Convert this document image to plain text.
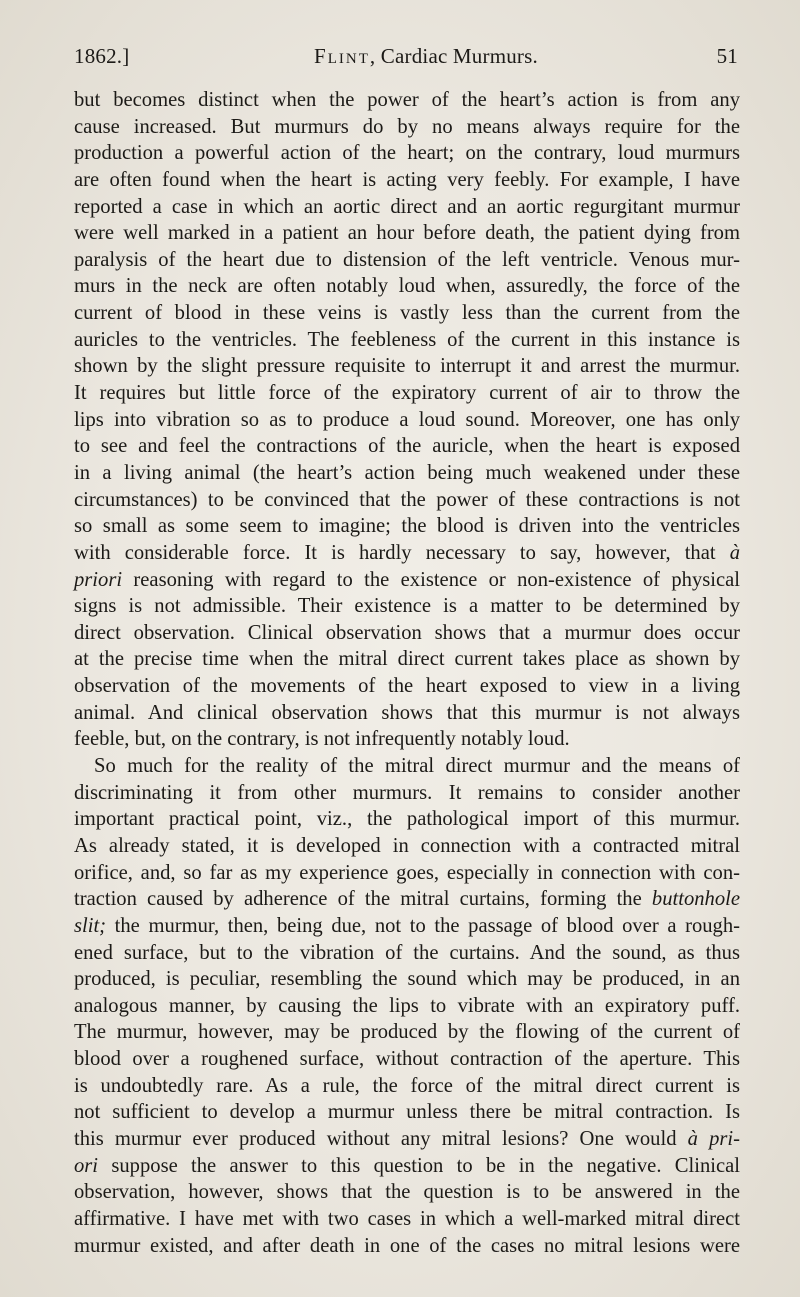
1862.]	Flint, Cardiac Murmurs.	51
but becomes distinct when the power of the heart’s action is from any
cause increased. But murmurs do by no means always require for the
production a powerful action of the heart; on the contrary, loud murmurs
are often found when the heart is acting very feebly. For example, I have
reported a case in which an aortic direct and an aortic regurgitant murmur
were well marked in a patient an hour before death, the patient dying from
paralysis of the heart due to distension of the left ventricle. Venous mur-
murs in the neck are often notably loud when, assuredly, the force of the
current of blood in these veins is vastly less than the current from the
auricles to the ventricles. The feebleness of the current in this instance is
shown by the slight pressure requisite to interrupt it and arrest the murmur.
It requires but little force of the expiratory current of air to throw the
lips into vibration so as to produce a loud sound. Moreover, one has only
to see and feel the contractions of the auricle, when the heart is exposed
in a living animal (the heart’s action being much weakened under these
circumstances) to be convinced that the power of these contractions is not
so small as some seem to imagine; the blood is driven into the ventricles
with considerable force. It is hardly necessary to say, however, that à
priori reasoning with regard to the existence or non-existence of physical
signs is not admissible. Their existence is a matter to be determined by
direct observation. Clinical observation shows that a murmur does occur
at the precise time when the mitral direct current takes place as shown by
observation of the movements of the heart exposed to view in a living
animal. And clinical observation shows that this murmur is not always
feeble, but, on the contrary, is not infrequently notably loud.
So much for the reality of the mitral direct murmur and the means of
discriminating it from other murmurs. It remains to consider another
important practical point, viz., the pathological import of this murmur.
As already stated, it is developed in connection with a contracted mitral
orifice, and, so far as my experience goes, especially in connection with con-
traction caused by adherence of the mitral curtains, forming the buttonhole
slit; the murmur, then, being due, not to the passage of blood over a rough-
ened surface, but to the vibration of the curtains. And the sound, as thus
produced, is peculiar, resembling the sound which may be produced, in an
analogous manner, by causing the lips to vibrate with an expiratory puff.
The murmur, however, may be produced by the flowing of the current of
blood over a roughened surface, without contraction of the aperture. This
is undoubtedly rare. As a rule, the force of the mitral direct current is
not sufficient to develop a murmur unless there be mitral contraction. Is
this murmur ever produced without any mitral lesions? One would à pri-
ori suppose the answer to this question to be in the negative. Clinical
observation, however, shows that the question is to be answered in the
affirmative. I have met with two cases in which a well-marked mitral direct
murmur existed, and after death in one of the cases no mitral lesions were
